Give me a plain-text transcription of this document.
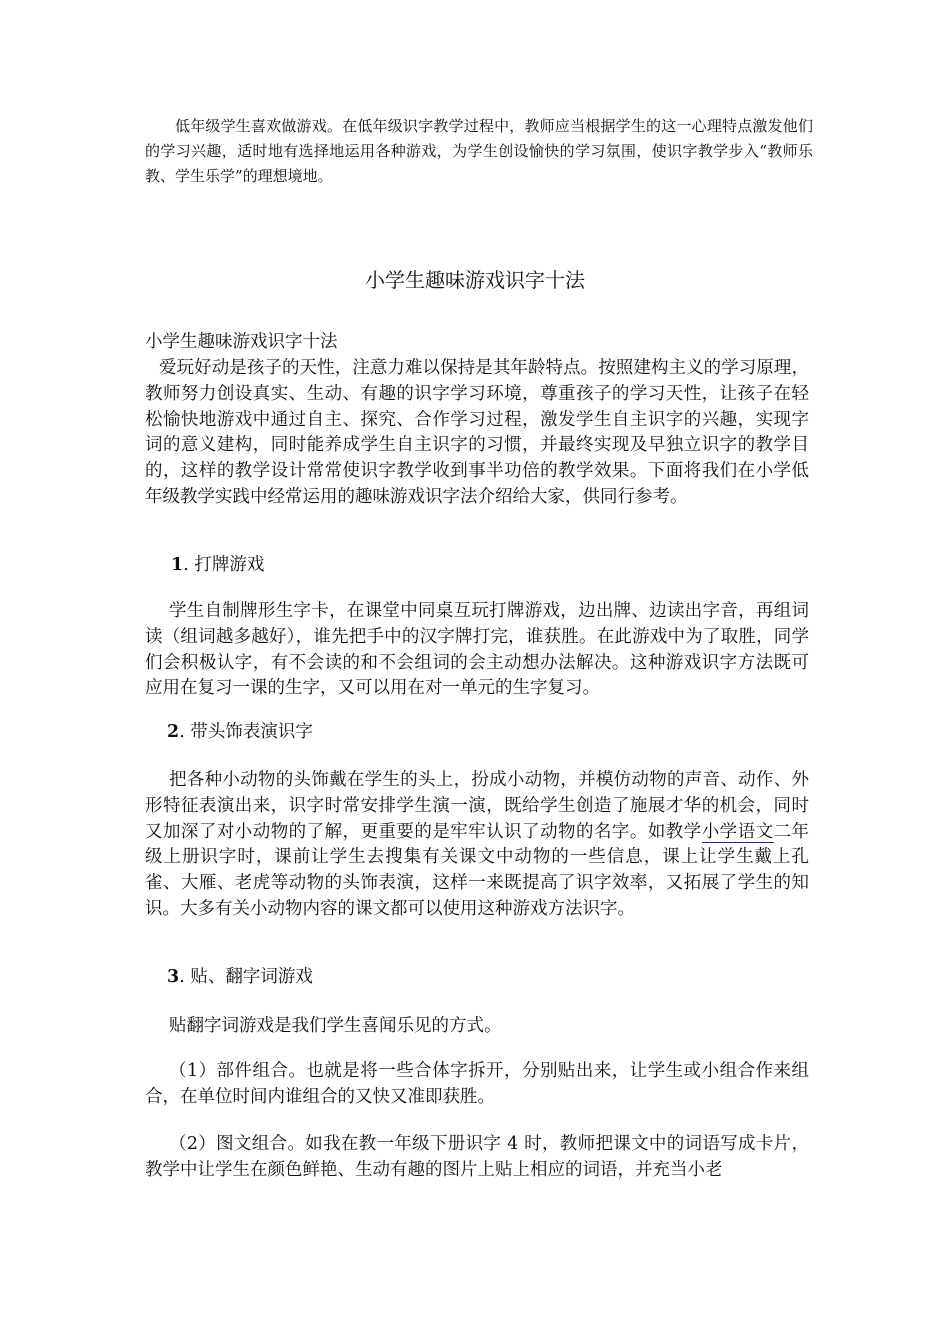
低年级学生喜欢做游戏。在低年级识字教学过程中，教师应当根据学生的这一心理特点激发他们的学习兴趣，适时地有选择地运用各种游戏，为学生创设愉快的学习氛围，使识字教学步入“教师乐教、学生乐学”的理想境地。

小学生趣味游戏识字十法

小学生趣味游戏识字十法

爱玩好动是孩子的天性，注意力难以保持是其年龄特点。按照建构主义的学习原理，教师努力创设真实、生动、有趣的识字学习环境，尊重孩子的学习天性，让孩子在轻松愉快地游戏中通过自主、探究、合作学习过程，激发学生自主识字的兴趣，实现字词的意义建构，同时能养成学生自主识字的习惯，并最终实现及早独立识字的教学目的，这样的教学设计常常使识字教学收到事半功倍的教学效果。下面将我们在小学低年级教学实践中经常运用的趣味游戏识字法介绍给大家，供同行参考。

1. 打牌游戏

学生自制牌形生字卡，在课堂中同桌互玩打牌游戏，边出牌、边读出字音，再组词读（组词越多越好），谁先把手中的汉字牌打完，谁获胜。在此游戏中为了取胜，同学们会积极认字，有不会读的和不会组词的会主动想办法解决。这种游戏识字方法既可应用在复习一课的生字，又可以用在对一单元的生字复习。

2. 带头饰表演识字

把各种小动物的头饰戴在学生的头上，扮成小动物，并模仿动物的声音、动作、外形特征表演出来，识字时常安排学生演一演，既给学生创造了施展才华的机会，同时又加深了对小动物的了解，更重要的是牢牢认识了动物的名字。如教学小学语文二年级上册识字时，课前让学生去搜集有关课文中动物的一些信息，课上让学生戴上孔雀、大雁、老虎等动物的头饰表演，这样一来既提高了识字效率，又拓展了学生的知识。大多有关小动物内容的课文都可以使用这种游戏方法识字。

3. 贴、翻字词游戏

贴翻字词游戏是我们学生喜闻乐见的方式。

（1）部件组合。也就是将一些合体字拆开，分别贴出来，让学生或小组合作来组合，在单位时间内谁组合的又快又准即获胜。

（2）图文组合。如我在教一年级下册识字 4 时，教师把课文中的词语写成卡片，教学中让学生在颜色鲜艳、生动有趣的图片上贴上相应的词语，并充当小老
